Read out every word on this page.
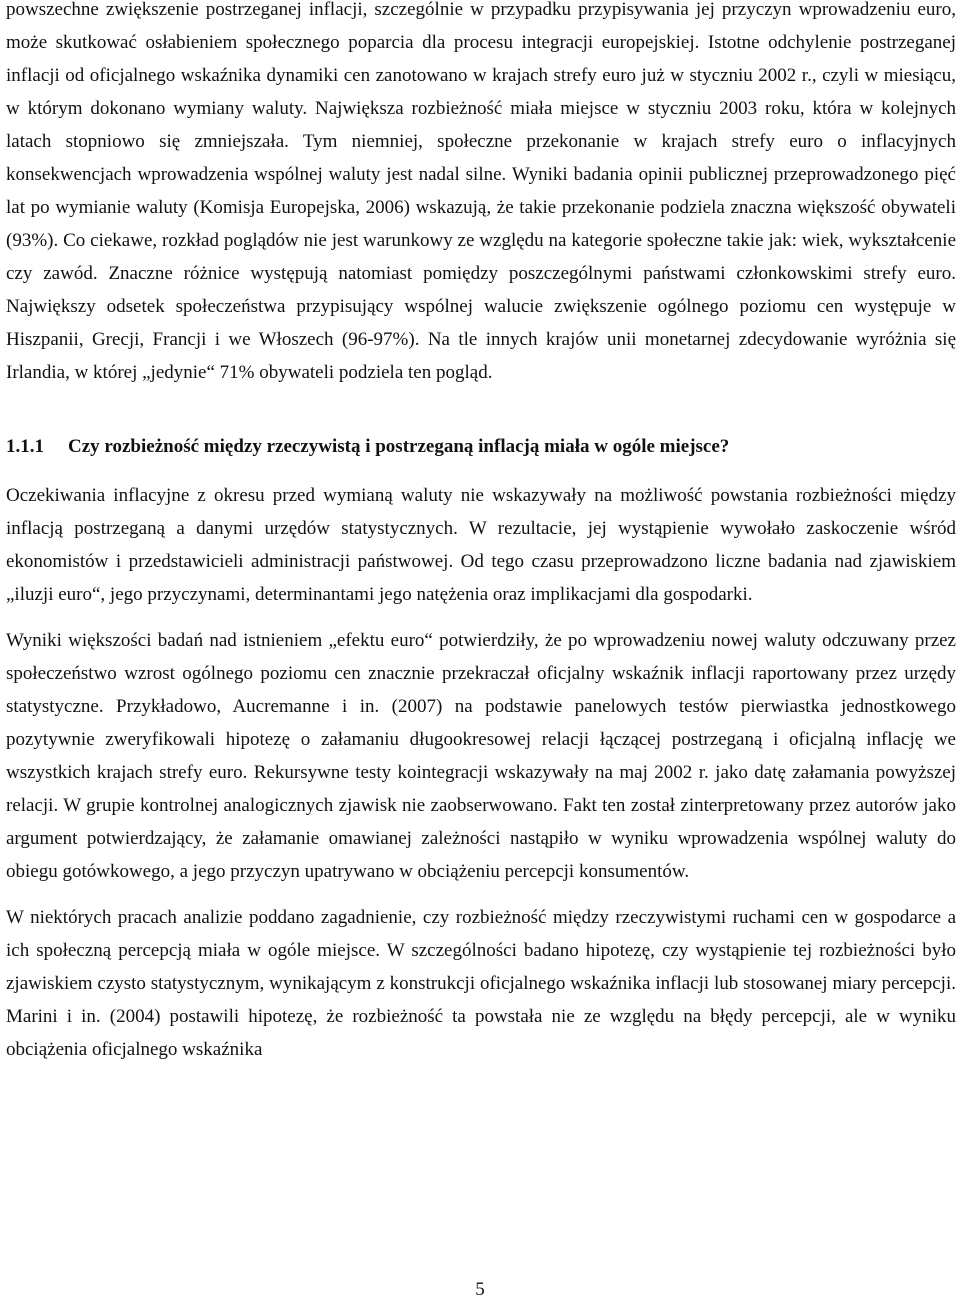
powszechne zwiększenie postrzeganej inflacji, szczególnie w przypadku przypisywania jej przyczyn wprowadzeniu euro, może skutkować osłabieniem społecznego poparcia dla procesu integracji europejskiej. Istotne odchylenie postrzeganej inflacji od oficjalnego wskaźnika dynamiki cen zanotowano w krajach strefy euro już w styczniu 2002 r., czyli w miesiącu, w którym dokonano wymiany waluty. Największa rozbieżność miała miejsce w styczniu 2003 roku, która w kolejnych latach stopniowo się zmniejszała. Tym niemniej, społeczne przekonanie w krajach strefy euro o inflacyjnych konsekwencjach wprowadzenia wspólnej waluty jest nadal silne. Wyniki badania opinii publicznej przeprowadzonego pięć lat po wymianie waluty (Komisja Europejska, 2006) wskazują, że takie przekonanie podziela znaczna większość obywateli (93%). Co ciekawe, rozkład poglądów nie jest warunkowy ze względu na kategorie społeczne takie jak: wiek, wykształcenie czy zawód. Znaczne różnice występują natomiast pomiędzy poszczególnymi państwami członkowskimi strefy euro. Największy odsetek społeczeństwa przypisujący wspólnej walucie zwiększenie ogólnego poziomu cen występuje w Hiszpanii, Grecji, Francji i we Włoszech (96-97%). Na tle innych krajów unii monetarnej zdecydowanie wyróżnia się Irlandia, w której „jedynie“ 71% obywateli podziela ten pogląd.

1.1.1	Czy rozbieżność między rzeczywistą i postrzeganą inflacją miała w ogóle miejsce?

Oczekiwania inflacyjne z okresu przed wymianą waluty nie wskazywały na możliwość powstania rozbieżności między inflacją postrzeganą a danymi urzędów statystycznych. W rezultacie, jej wystąpienie wywołało zaskoczenie wśród ekonomistów i przedstawicieli administracji państwowej. Od tego czasu przeprowadzono liczne badania nad zjawiskiem „iluzji euro“, jego przyczynami, determinantami jego natężenia oraz implikacjami dla gospodarki.

Wyniki większości badań nad istnieniem „efektu euro“ potwierdziły, że po wprowadzeniu nowej waluty odczuwany przez społeczeństwo wzrost ogólnego poziomu cen znacznie przekraczał oficjalny wskaźnik inflacji raportowany przez urzędy statystyczne. Przykładowo, Aucremanne i in. (2007) na podstawie panelowych testów pierwiastka jednostkowego pozytywnie zweryfikowali hipotezę o załamaniu długookresowej relacji łączącej postrzeganą i oficjalną inflację we wszystkich krajach strefy euro. Rekursywne testy kointegracji wskazywały na maj 2002 r. jako datę załamania powyższej relacji. W grupie kontrolnej analogicznych zjawisk nie zaobserwowano. Fakt ten został zinterpretowany przez autorów jako argument potwierdzający, że załamanie omawianej zależności nastąpiło w wyniku wprowadzenia wspólnej waluty do obiegu gotówkowego, a jego przyczyn upatrywano w obciążeniu percepcji konsumentów.

W niektórych pracach analizie poddano zagadnienie, czy rozbieżność między rzeczywistymi ruchami cen w gospodarce a ich społeczną percepcją miała w ogóle miejsce. W szczególności badano hipotezę, czy wystąpienie tej rozbieżności było zjawiskiem czysto statystycznym, wynikającym z konstrukcji oficjalnego wskaźnika inflacji lub stosowanej miary percepcji. Marini i in. (2004) postawili hipotezę, że rozbieżność ta powstała nie ze względu na błędy percepcji, ale w wyniku obciążenia oficjalnego wskaźnika

5
